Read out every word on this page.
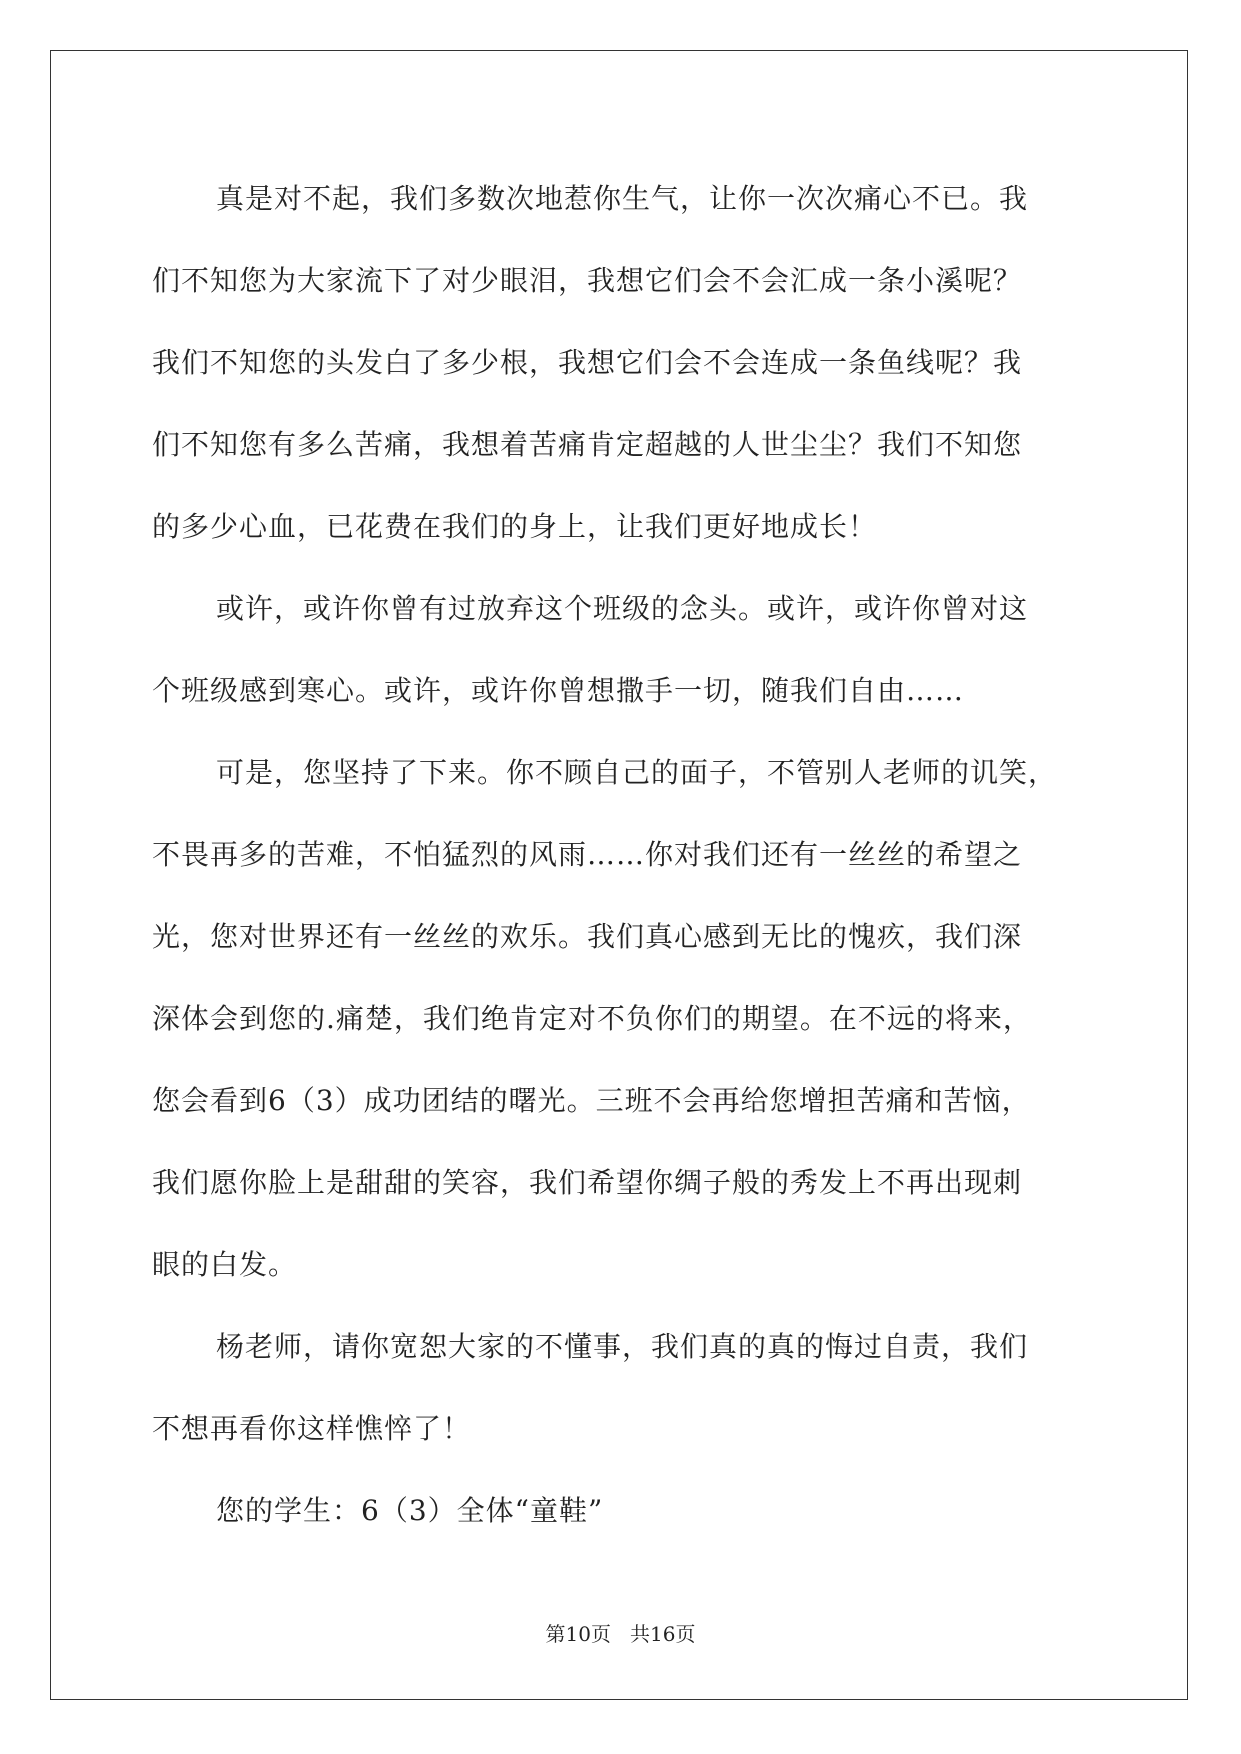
真是对不起，我们多数次地惹你生气，让你一次次痛心不已。我
们不知您为大家流下了对少眼泪，我想它们会不会汇成一条小溪呢？
我们不知您的头发白了多少根，我想它们会不会连成一条鱼线呢？我
们不知您有多么苦痛，我想着苦痛肯定超越的人世尘尘？我们不知您
的多少心血，已花费在我们的身上，让我们更好地成长！

或许，或许你曾有过放弃这个班级的念头。或许，或许你曾对这
个班级感到寒心。或许，或许你曾想撒手一切，随我们自由……

可是，您坚持了下来。你不顾自己的面子，不管别人老师的讥笑，
不畏再多的苦难，不怕猛烈的风雨……你对我们还有一丝丝的希望之
光，您对世界还有一丝丝的欢乐。我们真心感到无比的愧疚，我们深
深体会到您的.痛楚，我们绝肯定对不负你们的期望。在不远的将来，
您会看到6（3）成功团结的曙光。三班不会再给您增担苦痛和苦恼，
我们愿你脸上是甜甜的笑容，我们希望你绸子般的秀发上不再出现刺
眼的白发。

杨老师，请你宽恕大家的不懂事，我们真的真的悔过自责，我们
不想再看你这样憔悴了！

您的学生：6（3）全体“童鞋”

第10页   共16页
